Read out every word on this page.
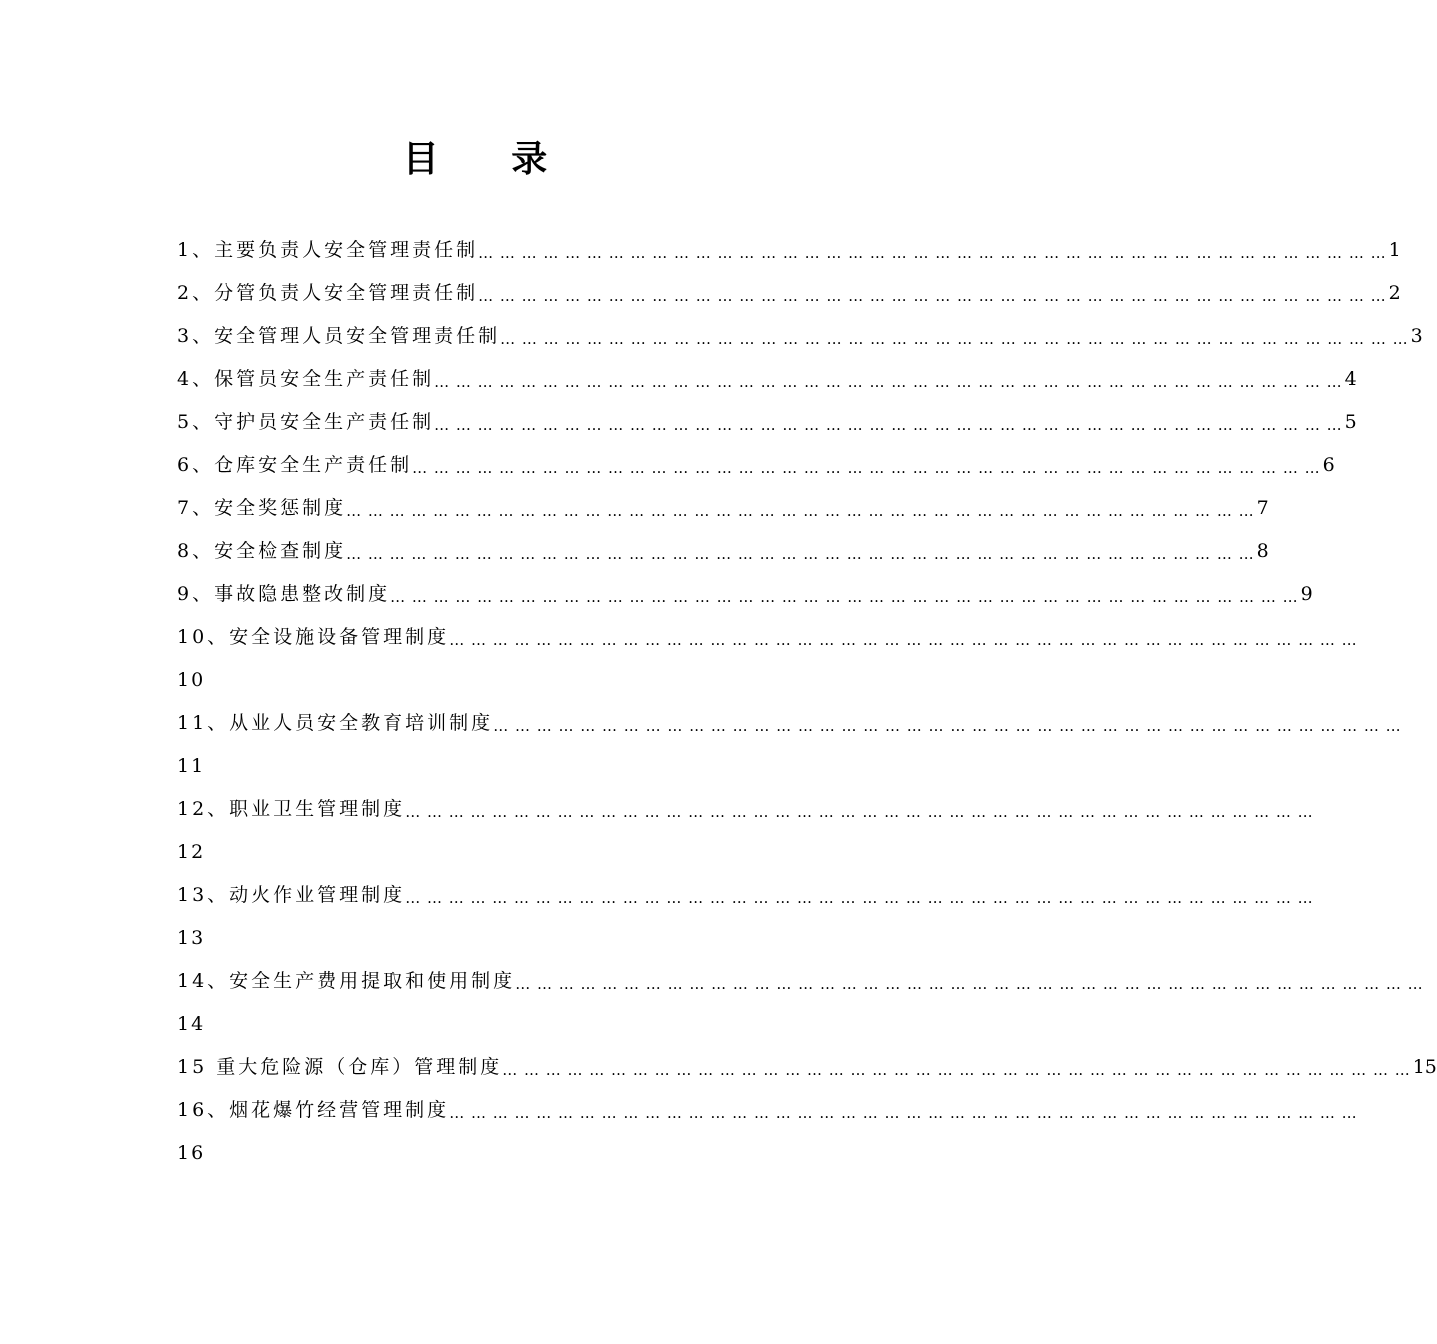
目 录
1、主要负责人安全管理责任制 … … … … … … … … … … … … … … … … … … … … … … … … … … … … … … … … … … … … … … … … … … 1
2、分管负责人安全管理责任制 … … … … … … … … … … … … … … … … … … … … … … … … … … … … … … … … … … … … … … … … … … 2
3、安全管理人员安全管理责任制 … … … … … … … … … … … … … … … … … … … … … … … … … … … … … … … … … … … … … … … … … … 3
4、保管员安全生产责任制 … … … … … … … … … … … … … … … … … … … … … … … … … … … … … … … … … … … … … … … … … … 4
5、守护员安全生产责任制 … … … … … … … … … … … … … … … … … … … … … … … … … … … … … … … … … … … … … … … … … … 5
6、仓库安全生产责任制 … … … … … … … … … … … … … … … … … … … … … … … … … … … … … … … … … … … … … … … … … … 6
7、安全奖惩制度 … … … … … … … … … … … … … … … … … … … … … … … … … … … … … … … … … … … … … … … … … … 7
8、安全检查制度 … … … … … … … … … … … … … … … … … … … … … … … … … … … … … … … … … … … … … … … … … … 8
9、事故隐患整改制度 … … … … … … … … … … … … … … … … … … … … … … … … … … … … … … … … … … … … … … … … … … 9
10、安全设施设备管理制度 … … … … … … … … … … … … … … … … … … … … … … … … … … … … … … … … … … … … … … … … … …
10
11、从业人员安全教育培训制度 … … … … … … … … … … … … … … … … … … … … … … … … … … … … … … … … … … … … … … … … … …
11
12、职业卫生管理制度 … … … … … … … … … … … … … … … … … … … … … … … … … … … … … … … … … … … … … … … … … …
12
13、动火作业管理制度 … … … … … … … … … … … … … … … … … … … … … … … … … … … … … … … … … … … … … … … … … …
13
14、安全生产费用提取和使用制度 … … … … … … … … … … … … … … … … … … … … … … … … … … … … … … … … … … … … … … … … … …
14
15 重大危险源（仓库）管理制度 … … … … … … … … … … … … … … … … … … … … … … … … … … … … … … … … … … … … … … … … … … 15
16、烟花爆竹经营管理制度 … … … … … … … … … … … … … … … … … … … … … … … … … … … … … … … … … … … … … … … … … …
16
